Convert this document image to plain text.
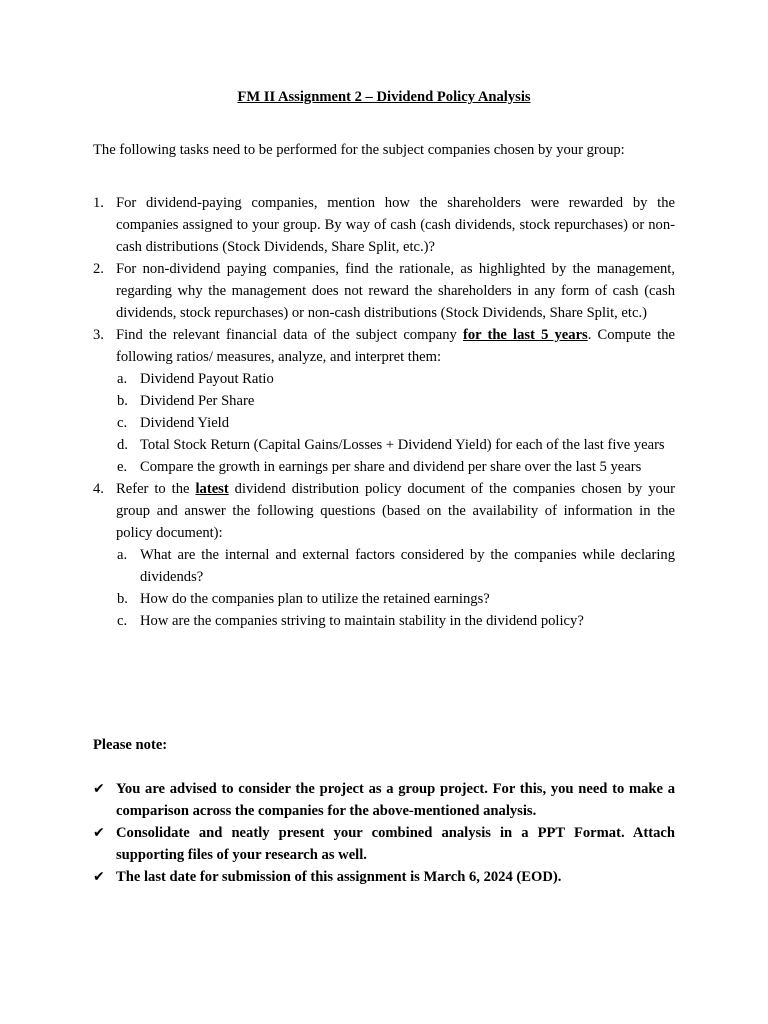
FM II Assignment 2 – Dividend Policy Analysis

The following tasks need to be performed for the subject companies chosen by your group:

1. For dividend-paying companies, mention how the shareholders were rewarded by the companies assigned to your group. By way of cash (cash dividends, stock repurchases) or non-cash distributions (Stock Dividends, Share Split, etc.)?

2. For non-dividend paying companies, find the rationale, as highlighted by the management, regarding why the management does not reward the shareholders in any form of cash (cash dividends, stock repurchases) or non-cash distributions (Stock Dividends, Share Split, etc.)

3. Find the relevant financial data of the subject company for the last 5 years. Compute the following ratios/ measures, analyze, and interpret them:

a. Dividend Payout Ratio

b. Dividend Per Share

c. Dividend Yield

d. Total Stock Return (Capital Gains/Losses + Dividend Yield) for each of the last five years

e. Compare the growth in earnings per share and dividend per share over the last 5 years

4. Refer to the latest dividend distribution policy document of the companies chosen by your group and answer the following questions (based on the availability of information in the policy document):

a. What are the internal and external factors considered by the companies while declaring dividends?

b. How do the companies plan to utilize the retained earnings?

c. How are the companies striving to maintain stability in the dividend policy?

Please note:

✔ You are advised to consider the project as a group project. For this, you need to make a comparison across the companies for the above-mentioned analysis.

✔ Consolidate and neatly present your combined analysis in a PPT Format. Attach supporting files of your research as well.

✔ The last date for submission of this assignment is March 6, 2024 (EOD).
